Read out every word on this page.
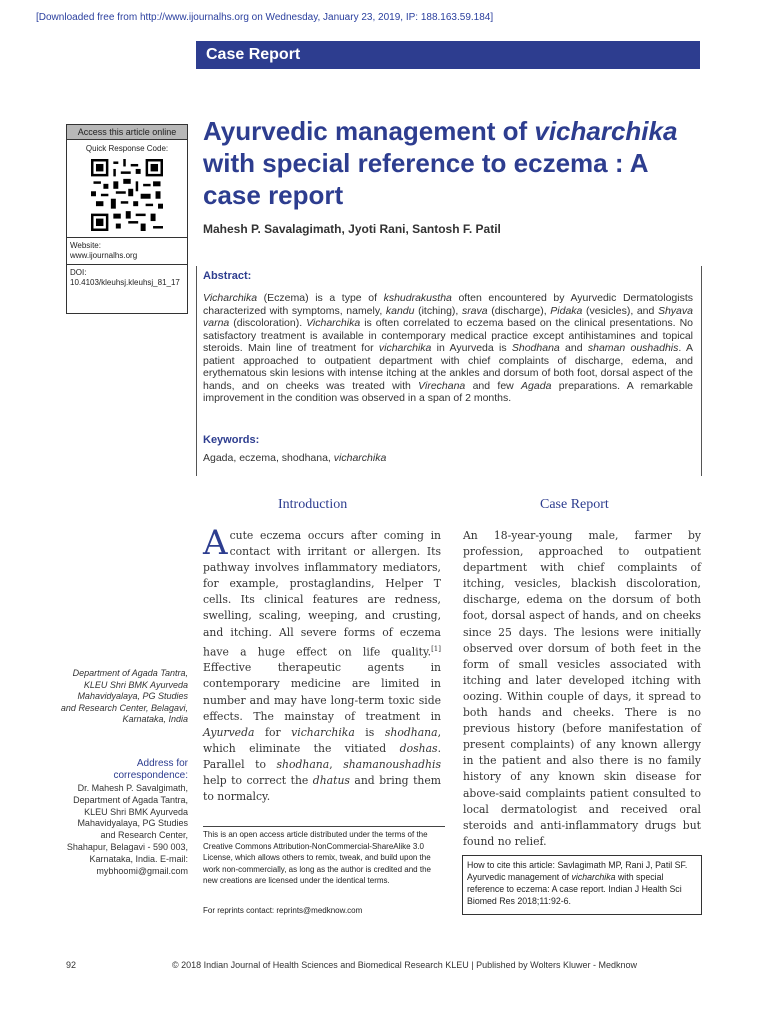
[Downloaded free from http://www.ijournalhs.org on Wednesday, January 23, 2019, IP: 188.163.59.184]
Case Report
Access this article online
Quick Response Code:
Website:
www.ijournalhs.org
DOI:
10.4103/kleuhsj.kleuhsj_81_17
Ayurvedic management of vicharchika with special reference to eczema : A case report
Mahesh P. Savalagimath, Jyoti Rani, Santosh F. Patil
Abstract:
Vicharchika (Eczema) is a type of kshudrakustha often encountered by Ayurvedic Dermatologists characterized with symptoms, namely, kandu (itching), srava (discharge), Pidaka (vesicles), and Shyava varna (discoloration). Vicharchika is often correlated to eczema based on the clinical presentations. No satisfactory treatment is available in contemporary medical practice except antihistamines and topical steroids. Main line of treatment for vicharchika in Ayurveda is Shodhana and shaman oushadhis. A patient approached to outpatient department with chief complaints of discharge, edema, and erythematous skin lesions with intense itching at the ankles and dorsum of both foot, dorsal aspect of the hands, and on cheeks was treated with Virechana and few Agada preparations. A remarkable improvement in the condition was observed in a span of 2 months.
Keywords:
Agada, eczema, shodhana, vicharchika
Introduction	Case Report
Acute eczema occurs after coming in contact with irritant or allergen. Its pathway involves inflammatory mediators, for example, prostaglandins, Helper T cells. Its clinical features are redness, swelling, scaling, weeping, and crusting, and itching. All severe forms of eczema have a huge effect on life quality.[1] Effective therapeutic agents in contemporary medicine are limited in number and may have long-term toxic side effects. The mainstay of treatment in Ayurveda for vicharchika is shodhana, which eliminate the vitiated doshas. Parallel to shodhana, shamanoushadhis help to correct the dhatus and bring them to normalcy.
An 18-year-young male, farmer by profession, approached to outpatient department with chief complaints of itching, vesicles, blackish discoloration, discharge, edema on the dorsum of both foot, dorsal aspect of hands, and on cheeks since 25 days. The lesions were initially observed over dorsum of both feet in the form of small vesicles associated with itching and later developed itching with oozing. Within couple of days, it spread to both hands and cheeks. There is no previous history (before manifestation of present complaints) of any known allergy in the patient and also there is no family history of any known skin disease for above-said complaints patient consulted to local dermatologist and received oral steroids and anti-inflammatory drugs but found no relief.
Department of Agada Tantra, KLEU Shri BMK Ayurveda Mahavidyalaya, PG Studies and Research Center, Belagavi, Karnataka, India
Address for correspondence:
Dr. Mahesh P. Savalgimath, Department of Agada Tantra, KLEU Shri BMK Ayurveda Mahavidyalaya, PG Studies and Research Center, Shahapur, Belagavi - 590 003, Karnataka, India. E-mail: mybhoomi@gmail.com
This is an open access article distributed under the terms of the Creative Commons Attribution-NonCommercial-ShareAlike 3.0 License, which allows others to remix, tweak, and build upon the work non-commercially, as long as the author is credited and the new creations are licensed under the identical terms.
For reprints contact: reprints@medknow.com
How to cite this article: Savlagimath MP, Rani J, Patil SF. Ayurvedic management of vicharchika with special reference to eczema: A case report. Indian J Health Sci Biomed Res 2018;11:92-6.
92	© 2018 Indian Journal of Health Sciences and Biomedical Research KLEU | Published by Wolters Kluwer - Medknow
